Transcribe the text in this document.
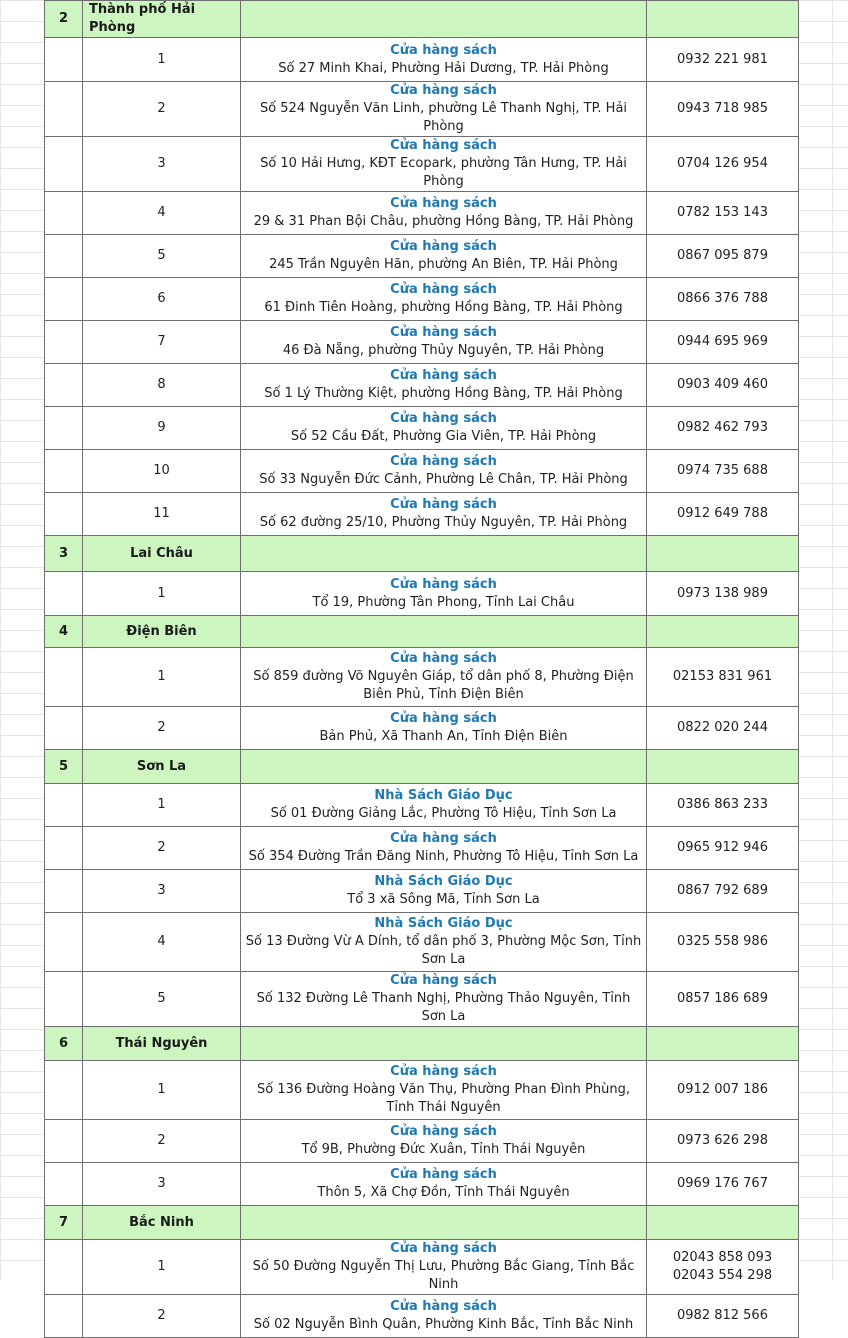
2	Thành phố Hải Phòng		
	1	Cửa hàng sách
Số 27 Minh Khai, Phường Hải Dương, TP. Hải Phòng	0932 221 981

	2	Cửa hàng sách
Số 524 Nguyễn Văn Linh, phường Lê Thanh Nghị, TP. Hải Phòng	0943 718 985

	3	Cửa hàng sách
Số 10 Hải Hưng, KĐT Ecopark, phường Tân Hưng, TP. Hải Phòng	0704 126 954

	4	Cửa hàng sách
29 & 31 Phan Bội Châu, phường Hồng Bàng, TP. Hải Phòng	0782 153 143

	5	Cửa hàng sách
245 Trần Nguyên Hãn, phường An Biên, TP. Hải Phòng	0867 095 879

	6	Cửa hàng sách
61 Đinh Tiên Hoàng, phường Hồng Bàng, TP. Hải Phòng	0866 376 788

	7	Cửa hàng sách
46 Đà Nẵng, phường Thủy Nguyên, TP. Hải Phòng	0944 695 969

	8	Cửa hàng sách
Số 1 Lý Thường Kiệt, phường Hồng Bàng, TP. Hải Phòng	0903 409 460

	9	Cửa hàng sách
Số 52 Cầu Đất, Phường Gia Viên, TP. Hải Phòng	0982 462 793

	10	Cửa hàng sách
Số 33 Nguyễn Đức Cảnh, Phường Lê Chân, TP. Hải Phòng	0974 735 688

	11	Cửa hàng sách
Số 62 đường 25/10, Phường Thủy Nguyên, TP. Hải Phòng	0912 649 788

3	Lai Châu		
	1	Cửa hàng sách
Tổ 19, Phường Tân Phong, Tỉnh Lai Châu	0973 138 989

4	Điện Biên		
	1	Cửa hàng sách
Số 859 đường Võ Nguyên Giáp, tổ dân phố 8, Phường Điện Biên Phủ, Tỉnh Điện Biên	02153 831 961

	2	Cửa hàng sách
Bản Phủ, Xã Thanh An, Tỉnh Điện Biên	0822 020 244

5	Sơn La		
	1	Nhà Sách Giáo Dục
Số 01 Đường Giảng Lắc, Phường Tô Hiệu, Tỉnh Sơn La	0386 863 233

	2	Cửa hàng sách
Số 354 Đường Trần Đăng Ninh, Phường Tô Hiệu, Tỉnh Sơn La	0965 912 946

	3	Nhà Sách Giáo Dục
Tổ 3 xã Sông Mã, Tỉnh Sơn La	0867 792 689

	4	Nhà Sách Giáo Dục
Số 13 Đường Vừ A Dính, tổ dân phố 3, Phường Mộc Sơn, Tỉnh Sơn La	0325 558 986

	5	Cửa hàng sách
Số 132 Đường Lê Thanh Nghị, Phường Thảo Nguyên, Tỉnh Sơn La	0857 186 689

6	Thái Nguyên		
	1	Cửa hàng sách
Số 136 Đường Hoàng Văn Thụ, Phường Phan Đình Phùng, Tỉnh Thái Nguyên	0912 007 186

	2	Cửa hàng sách
Tổ 9B, Phường Đức Xuân, Tỉnh Thái Nguyên	0973 626 298

	3	Cửa hàng sách
Thôn 5, Xã Chợ Đồn, Tỉnh Thái Nguyên	0969 176 767

7	Bắc Ninh		
	1	Cửa hàng sách
Số 50 Đường Nguyễn Thị Lưu, Phường Bắc Giang, Tỉnh Bắc Ninh	02043 858 093
02043 554 298

	2	Cửa hàng sách
Số 02 Nguyễn Bình Quân, Phường Kinh Bắc, Tỉnh Bắc Ninh	0982 812 566
